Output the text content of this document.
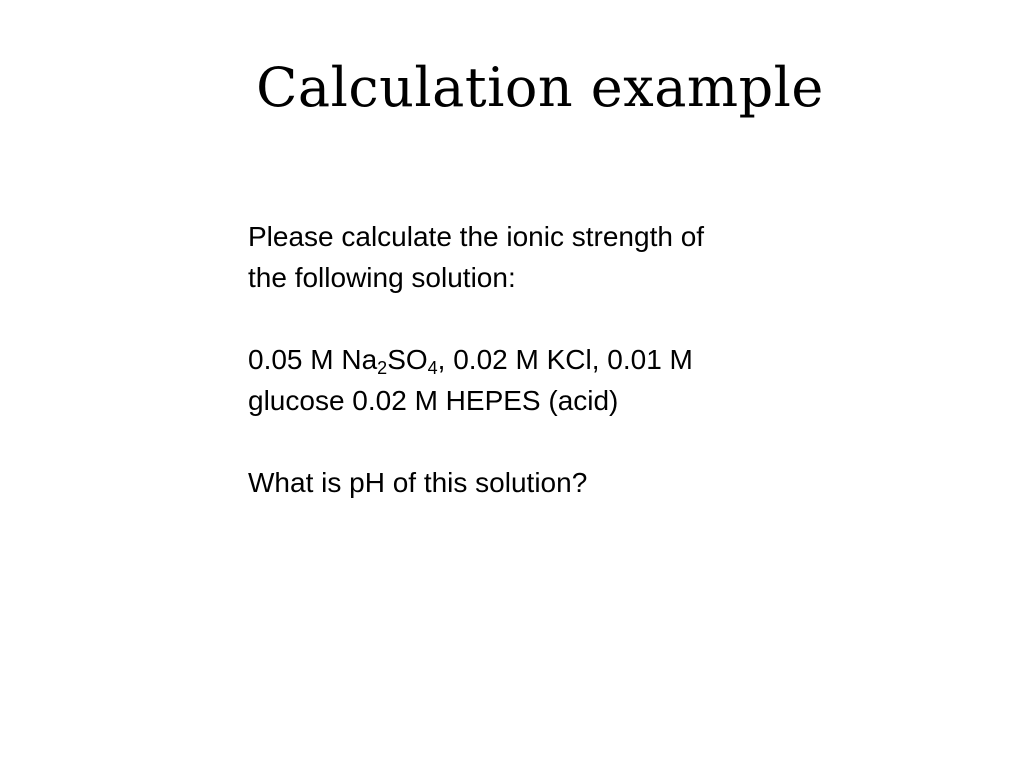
Calculation example

Please calculate the ionic strength of
the following solution:

0.05 M $Na_2SO_4$, 0.02 M KCl, 0.01 M
glucose 0.02 M HEPES (acid)

What is pH of this solution?
